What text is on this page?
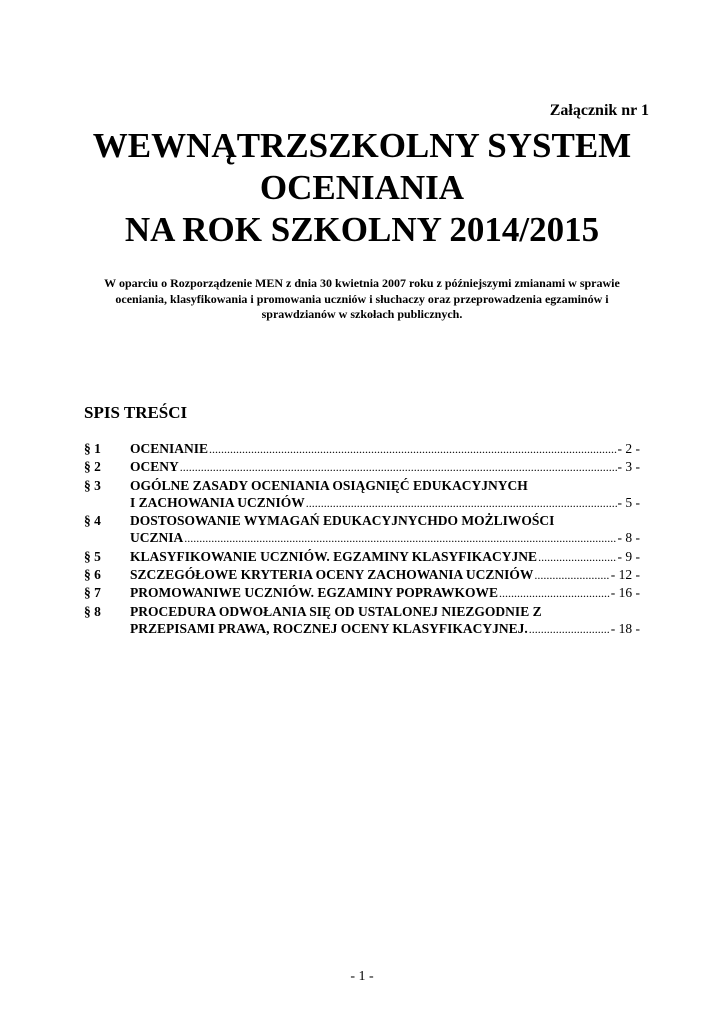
Załącznik nr 1
WEWNĄTRZSZKOLNY SYSTEM
OCENIANIA
NA ROK SZKOLNY 2014/2015
W oparciu o Rozporządzenie MEN z dnia 30 kwietnia 2007 roku z późniejszymi zmianami w sprawie oceniania, klasyfikowania i promowania uczniów i słuchaczy oraz przeprowadzenia egzaminów i sprawdzianów w szkołach publicznych.
SPIS TREŚCI
§ 1	OCENIANIE .....	- 2 -
§ 2	OCENY .....	- 3 -
§ 3	OGÓLNE ZASADY OCENIANIA OSIĄGNIĘĆ EDUKACYJNYCH
I ZACHOWANIA UCZNIÓW .....	- 5 -
§ 4	DOSTOSOWANIE WYMAGAŃ EDUKACYJNYCHDO MOŻLIWOŚCI
UCZNIA .....	- 8 -
§ 5	KLASYFIKOWANIE UCZNIÓW. EGZAMINY KLASYFIKACYJNE .....	- 9 -
§ 6	SZCZEGÓŁOWE KRYTERIA OCENY ZACHOWANIA UCZNIÓW .....	- 12 -
§ 7	PROMOWANIWE UCZNIÓW. EGZAMINY POPRAWKOWE .....	- 16 -
§ 8	PROCEDURA ODWOŁANIA SIĘ OD USTALONEJ NIEZGODNIE Z
PRZEPISAMI PRAWA, ROCZNEJ OCENY KLASYFIKACYJNEJ. .....	- 18 -
- 1 -
